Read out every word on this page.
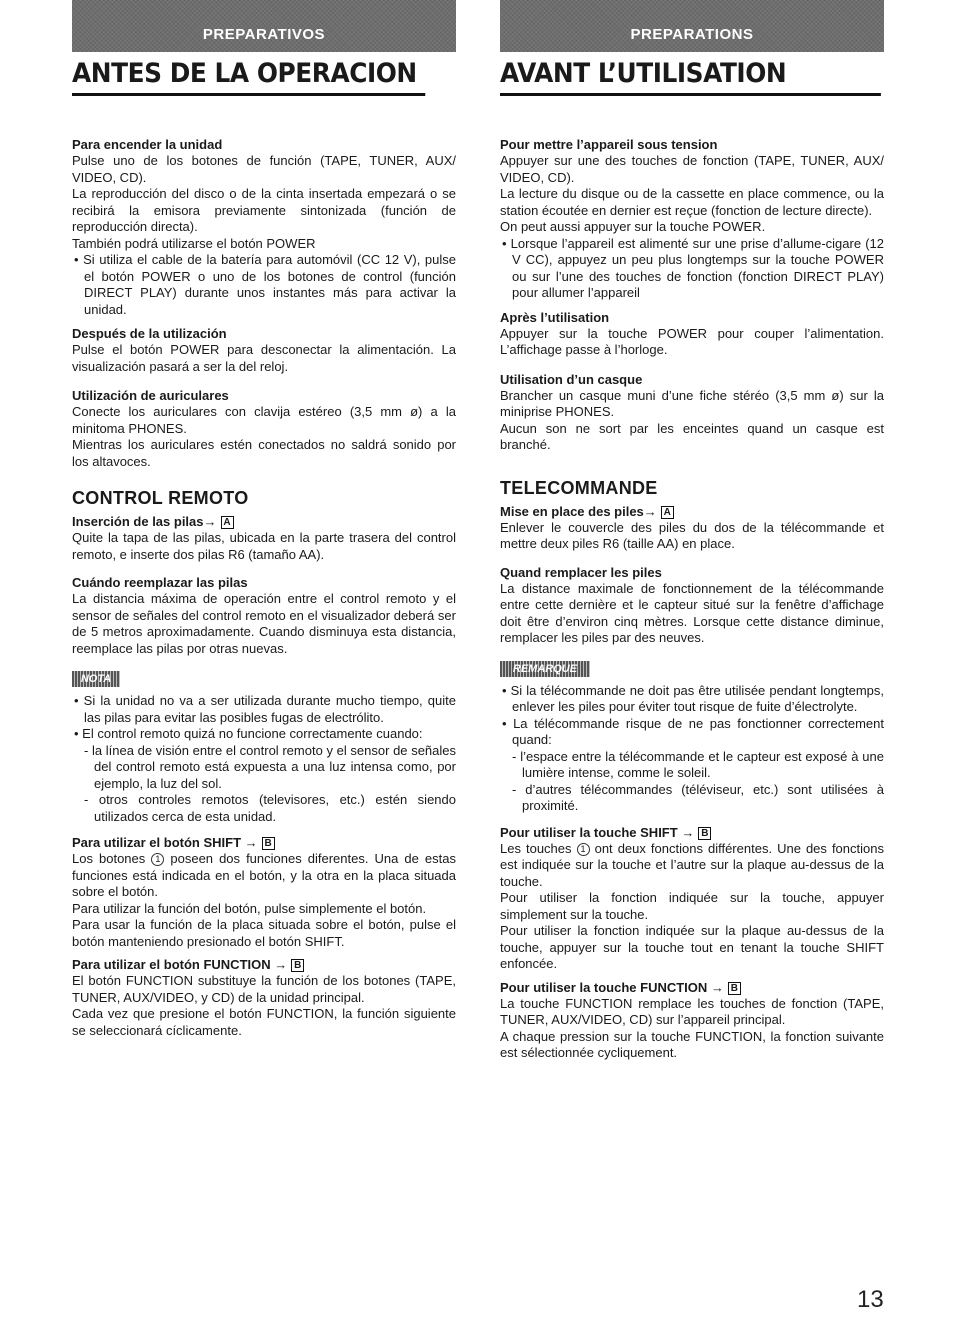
PREPARATIVOS
ANTES DE LA OPERACION

Para encender la unidad

Pulse uno de los botones de función (TAPE, TUNER, AUX/ VIDEO, CD).

La reproducción del disco o de la cinta insertada empezará o se recibirá la emisora previamente sintonizada (función de reproducción directa).

También podrá utilizarse el botón POWER

• Si utiliza el cable de la batería para automóvil (CC 12 V), pulse el botón POWER o uno de los botones de control (función DIRECT PLAY) durante unos instantes más para activar la unidad.

Después de la utilización

Pulse el botón POWER para desconectar la alimentación. La visualización pasará a ser la del reloj.

Utilización de auriculares

Conecte los auriculares con clavija estéreo (3,5 mm ø) a la minitoma PHONES.

Mientras los auriculares estén conectados no saldrá sonido por los altavoces.

CONTROL REMOTO

Inserción de las pilas→ A

Quite la tapa de las pilas, ubicada en la parte trasera del control remoto, e inserte dos pilas R6 (tamaño AA).

Cuándo reemplazar las pilas

La distancia máxima de operación entre el control remoto y el sensor de señales del control remoto en el visualizador deberá ser de 5 metros aproximadamente. Cuando disminuya esta distancia, reemplace las pilas por otras nuevas.

NOTA

• Si la unidad no va a ser utilizada durante mucho tiempo, quite las pilas para evitar las posibles fugas de electrólito.

• El control remoto quizá no funcione correctamente cuando:

- la línea de visión entre el control remoto y el sensor de señales del control remoto está expuesta a una luz intensa como, por ejemplo, la luz del sol.

- otros controles remotos (televisores, etc.) estén siendo utilizados cerca de esta unidad.

Para utilizar el botón SHIFT → B

Los botones 1 poseen dos funciones diferentes. Una de estas funciones está indicada en el botón, y la otra en la placa situada sobre el botón.

Para utilizar la función del botón, pulse simplemente el botón.

Para usar la función de la placa situada sobre el botón, pulse el botón manteniendo presionado el botón SHIFT.

Para utilizar el botón FUNCTION → B

El botón FUNCTION substituye la función de los botones (TAPE, TUNER, AUX/VIDEO, y CD) de la unidad principal.

Cada vez que presione el botón FUNCTION, la función siguiente se seleccionará cíclicamente.

PREPARATIONS
AVANT L’UTILISATION

Pour mettre l’appareil sous tension

Appuyer sur une des touches de fonction (TAPE, TUNER, AUX/ VIDEO, CD).

La lecture du disque ou de la cassette en place commence, ou la station écoutée en dernier est reçue (fonction de lecture directe).

On peut aussi appuyer sur la touche POWER.

• Lorsque l’appareil est alimenté sur une prise d’allume-cigare (12 V CC), appuyez un peu plus longtemps sur la touche POWER ou sur l’une des touches de fonction (fonction DIRECT PLAY) pour allumer l’appareil

Après l’utilisation

Appuyer sur la touche POWER pour couper l’alimentation. L’affichage passe à l’horloge.

Utilisation d’un casque

Brancher un casque muni d’une fiche stéréo (3,5 mm ø) sur la miniprise PHONES.

Aucun son ne sort par les enceintes quand un casque est branché.

TELECOMMANDE

Mise en place des piles→ A

Enlever le couvercle des piles du dos de la télécommande et mettre deux piles R6 (taille AA) en place.

Quand remplacer les piles

La distance maximale de fonctionnement de la télécommande entre cette dernière et le capteur situé sur la fenêtre d’affichage doit être d’environ cinq mètres. Lorsque cette distance diminue, remplacer les piles par des neuves.

REMARQUE

• Si la télécommande ne doit pas être utilisée pendant longtemps, enlever les piles pour éviter tout risque de fuite d’électrolyte.

• La télécommande risque de ne pas fonctionner correctement quand:

- l’espace entre la télécommande et le capteur est exposé à une lumière intense, comme le soleil.

- d’autres télécommandes (téléviseur, etc.) sont utilisées à proximité.

Pour utiliser la touche SHIFT → B

Les touches 1 ont deux fonctions différentes. Une des fonctions est indiquée sur la touche et l’autre sur la plaque au-dessus de la touche.

Pour utiliser la fonction indiquée sur la touche, appuyer simplement sur la touche.

Pour utiliser la fonction indiquée sur la plaque au-dessus de la touche, appuyer sur la touche tout en tenant la touche SHIFT enfoncée.

Pour utiliser la touche FUNCTION → B

La touche FUNCTION remplace les touches de fonction (TAPE, TUNER, AUX/VIDEO, CD) sur l’appareil principal.

A chaque pression sur la touche FUNCTION, la fonction suivante est sélectionnée cycliquement.

13
